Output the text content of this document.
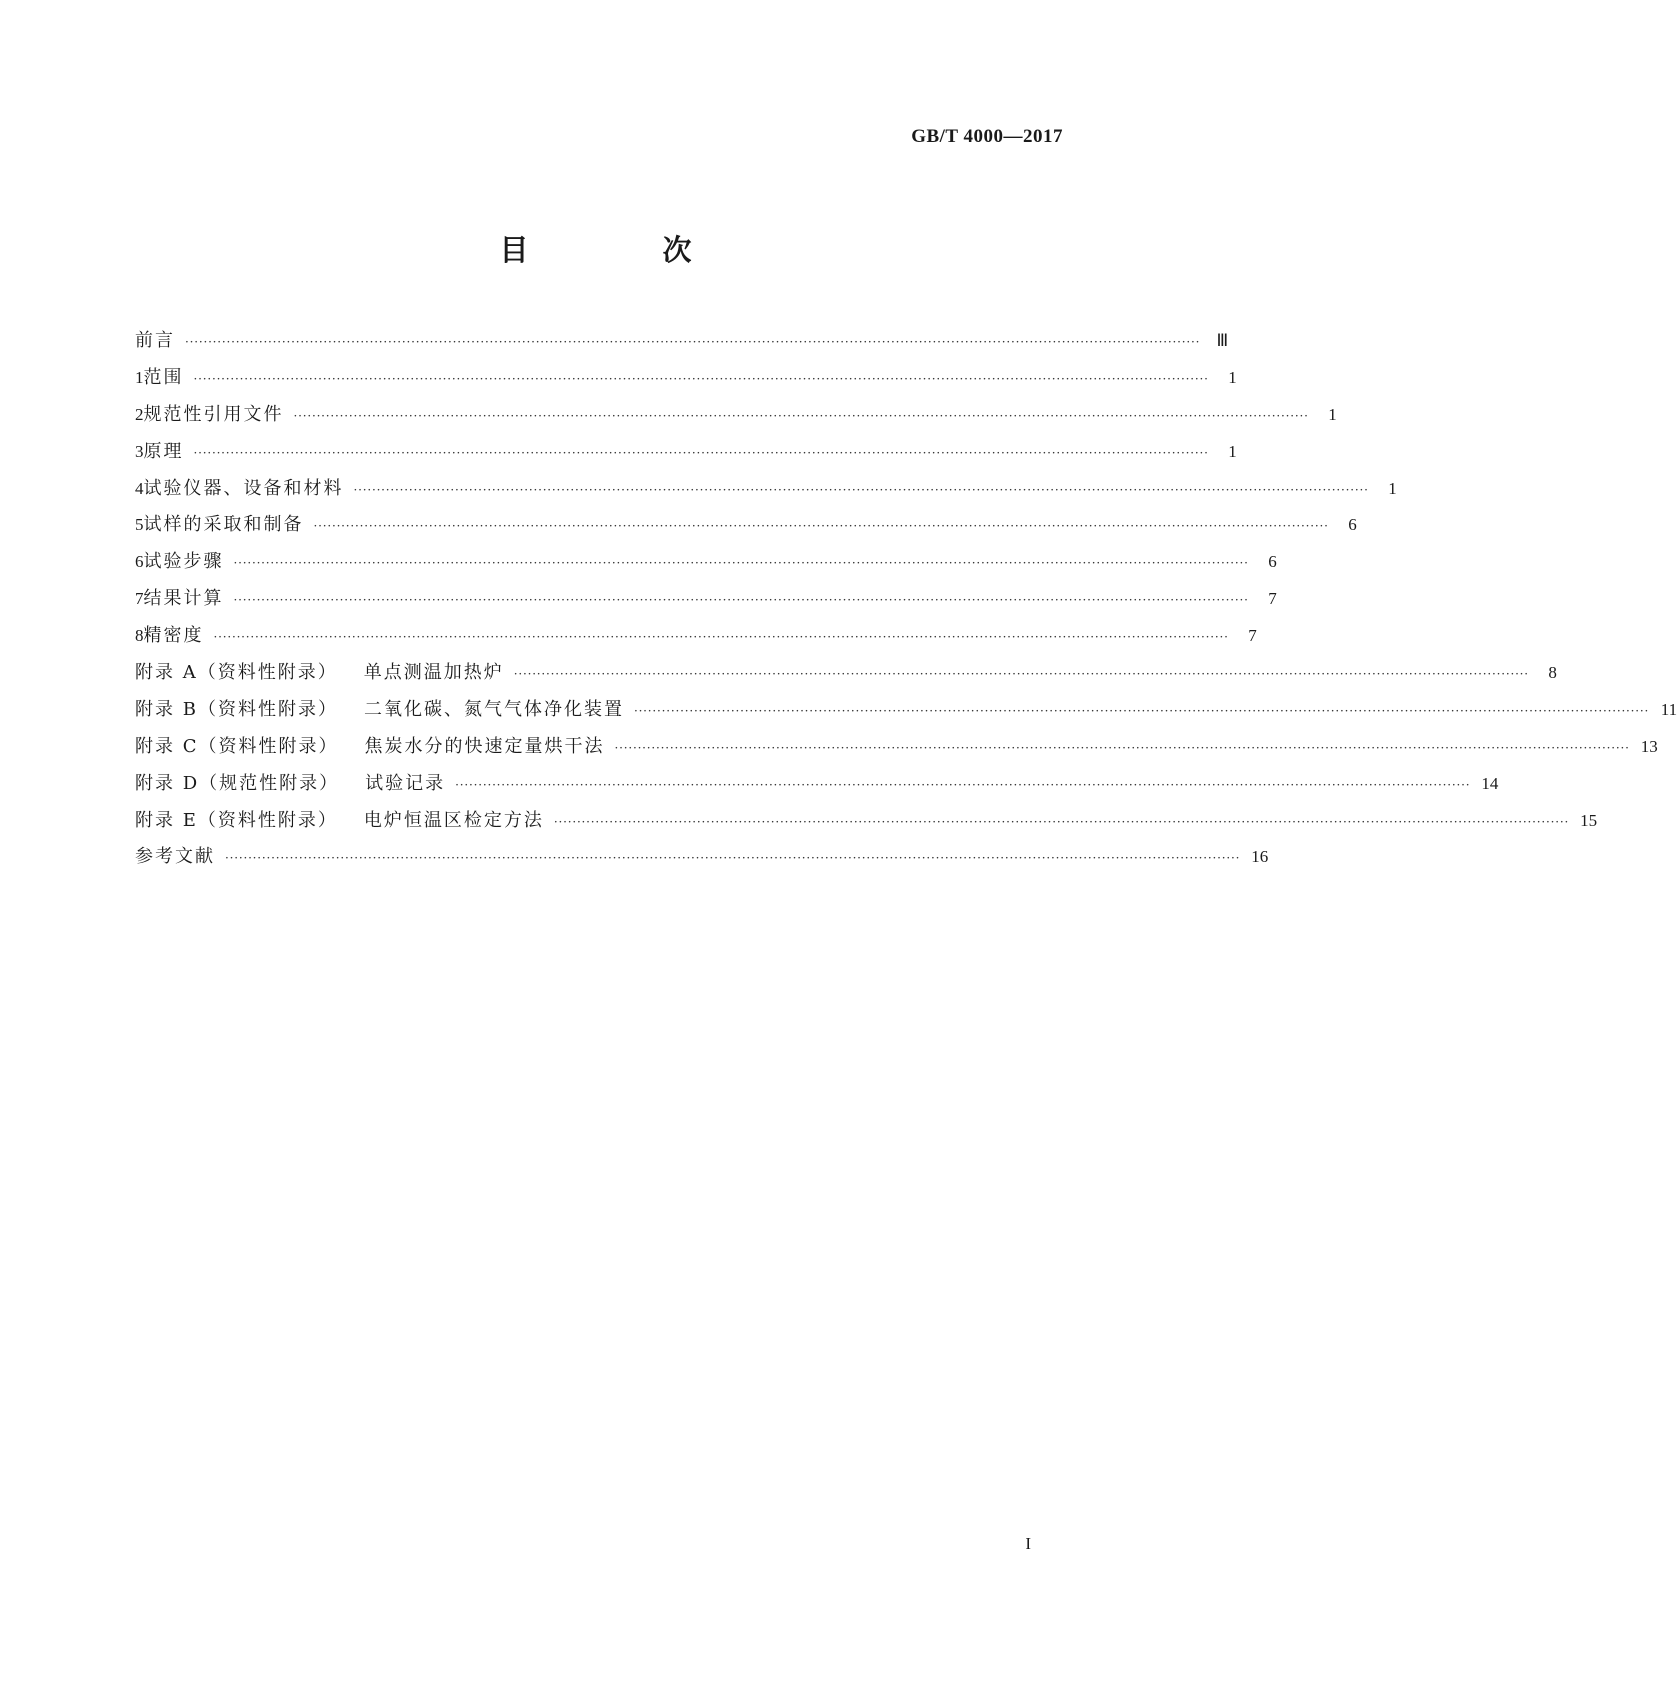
GB/T 4000—2017
目 次
前言 ···························································································································································································································· Ⅲ
1 范围 ····························································································································································································································	1
2 规范性引用文件 ····························································································································································································································	1
3 原理 ····························································································································································································································	1
4 试验仪器、设备和材料 ····························································································································································································································	1
5 试样的采取和制备 ····························································································································································································································	6
6 试验步骤 ····························································································································································································································	6
7 结果计算 ····························································································································································································································	7
8 精密度 ····························································································································································································································	7
附录 A（资料性附录） 单点测温加热炉 ····························································································································································································································	8
附录 B（资料性附录） 二氧化碳、氮气气体净化装置 ···························································································································································································································· 11
附录 C（资料性附录） 焦炭水分的快速定量烘干法 ···························································································································································································································· 13
附录 D（规范性附录） 试验记录 ···························································································································································································································· 14
附录 E（资料性附录） 电炉恒温区检定方法 ···························································································································································································································· 15
参考文献 ···························································································································································································································· 16
I
